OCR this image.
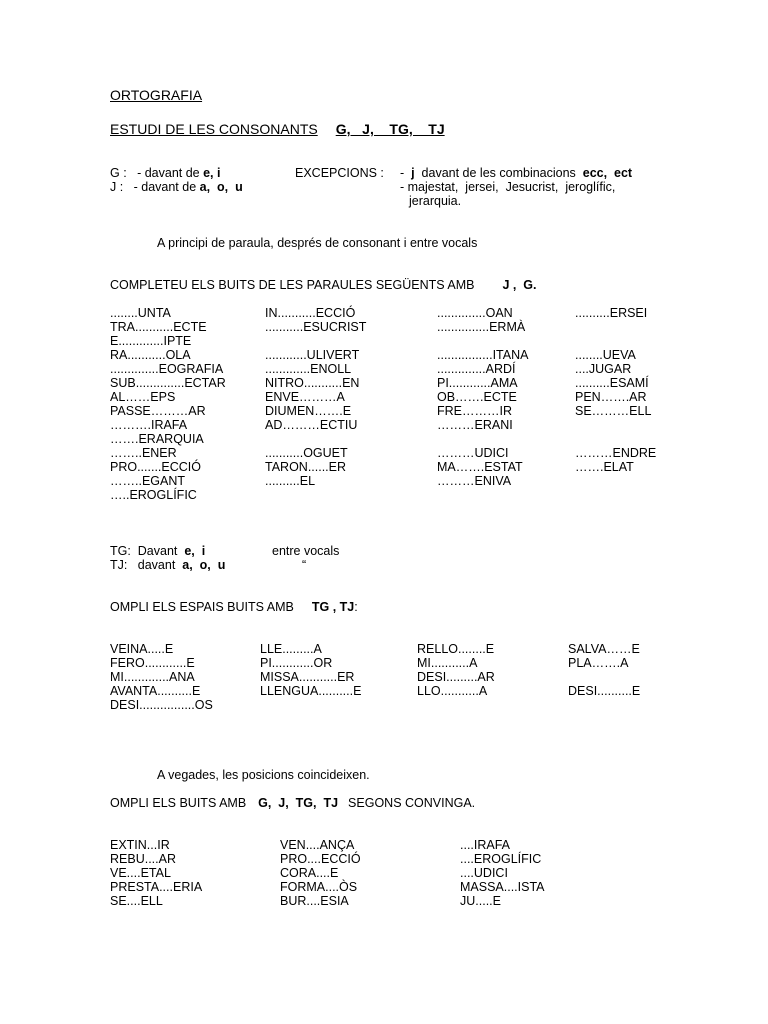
ORTOGRAFIA
ESTUDI DE LES CONSONANTS G,   J,    TG,    TJ
G :   - davant de e, i
J :   - davant de a,  o,  u
EXCEPCIONS : -  j  davant de les combinacions  ecc,  ect
- majestat,  jersei,  Jesucrist,  jeroglífic,
jerarquia.
A principi de paraula, després de consonant i entre vocals
COMPLETEU ELS BUITS DE LES PARAULES SEGÜENTS AMB J ,  G.
........UNTA	IN...........ECCIÓ	..............OAN	..........ERSEI
TRA...........ECTE	...........ESUCRIST	...............ERMÀ
E.............IPTE
RA...........OLA	............ULIVERT	................ITANA	........UEVA
..............EOGRAFIA	.............ENOLL	..............ARDÍ	....JUGAR
SUB..............ECTAR	NITRO...........EN	PI............AMA	..........ESAMÍ
AL……EPS	ENVE………A	OB…….ECTE	PEN…….AR
PASSE………AR	DIUMEN…….E	FRE………IR	SE………ELL
……….IRAFA	AD………ECTIU	………ERANI
…….ERARQUIA
……..ENER	...........OGUET	………UDICI	………ENDRE
PRO.......ECCIÓ	TARON......ER	MA…….ESTAT	…….ELAT
……..EGANT	..........EL	………ENIVA
…..EROGLÍFIC
TG:  Davant  e,  i	entre vocals
TJ:   davant  a,  o,  u	“
OMPLI ELS ESPAIS BUITS AMB TG , TJ:
VEINA.....E	LLE.........A	RELLO........E	SALVA……E
FERO............E	PI............OR	MI...........A	PLA…….A
MI.............ANA	MISSA...........ER	DESI.........AR
AVANTA..........E	LLENGUA..........E	LLO...........A	DESI..........E
DESI................OS
A vegades, les posicions coincideixen.
OMPLI ELS BUITS AMB G,  J,  TG,  TJ SEGONS CONVINGA.
EXTIN...IR	VEN....ANÇA	....IRAFA
REBU....AR	PRO....ECCIÓ	....EROGLÍFIC
VE....ETAL	CORA....E	....UDICI
PRESTA....ERIA	FORMA....ÒS	MASSA....ISTA
SE....ELL	BUR....ESIA	JU.....E
